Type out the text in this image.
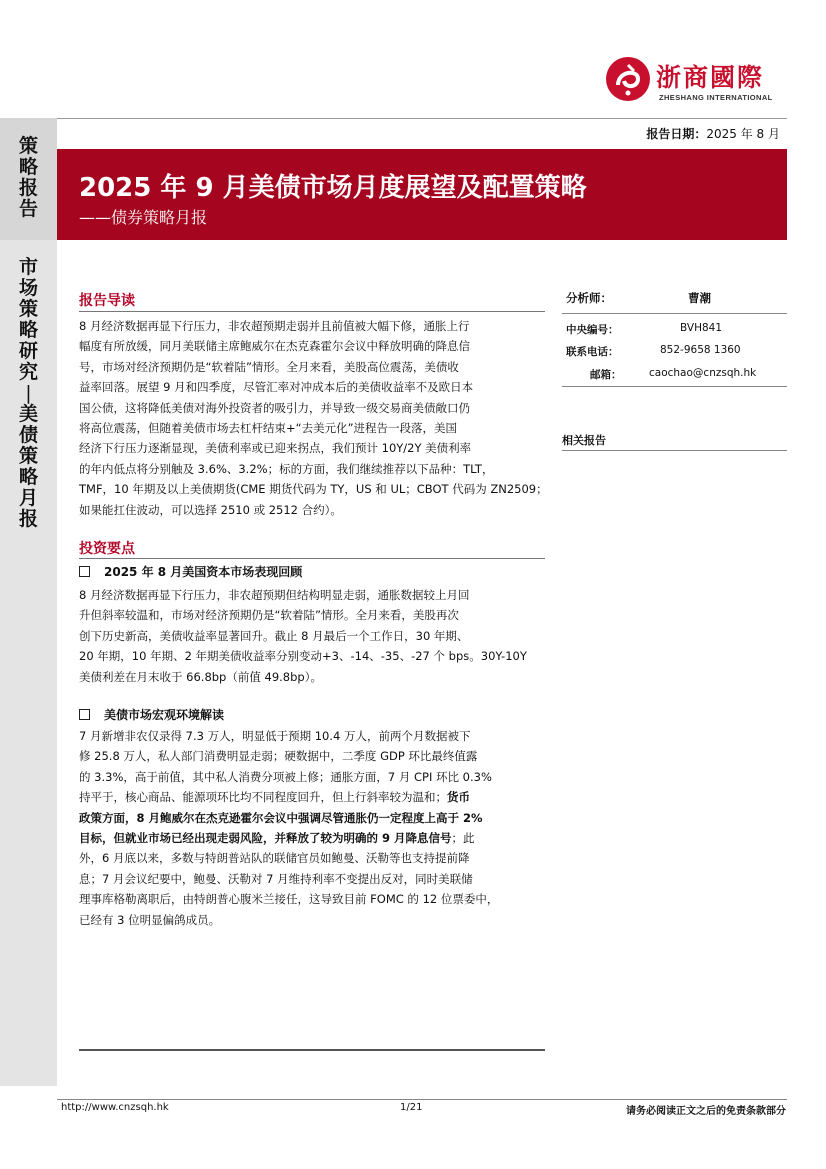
策
略
报
告
市
场
策
略
研
究
|
美
债
策
略
月
报
浙商國際
ZHESHANG INTERNATIONAL
报告日期：2025 年 8 月
2025 年 9 月美债市场月度展望及配置策略
——债券策略月报
报告导读
8 月经济数据再显下行压力，非农超预期走弱并且前值被大幅下修，通胀上行
幅度有所放缓，同月美联储主席鲍威尔在杰克森霍尔会议中释放明确的降息信
号，市场对经济预期仍是“软着陆”情形。全月来看，美股高位震荡，美债收
益率回落。展望 9 月和四季度，尽管汇率对冲成本后的美债收益率不及欧日本
国公债，这将降低美债对海外投资者的吸引力，并导致一级交易商美债敞口仍
将高位震荡，但随着美债市场去杠杆结束+“去美元化”进程告一段落，美国
经济下行压力逐渐显现，美债利率或已迎来拐点，我们预计 10Y/2Y 美债利率
的年内低点将分别触及 3.6%、3.2%；标的方面，我们继续推荐以下品种：TLT，
TMF，10 年期及以上美债期货(CME 期货代码为 TY，US 和 UL；CBOT 代码为 ZN2509；
如果能扛住波动，可以选择 2510 或 2512 合约）。
投资要点
2025 年 8 月美国资本市场表现回顾
8 月经济数据再显下行压力，非农超预期但结构明显走弱，通胀数据较上月回
升但斜率较温和，市场对经济预期仍是“软着陆”情形。全月来看，美股再次
创下历史新高，美债收益率显著回升。截止 8 月最后一个工作日，30 年期、
20 年期，10 年期、2 年期美债收益率分别变动+3、-14、-35、-27 个 bps。30Y-10Y
美债利差在月末收于 66.8bp（前值 49.8bp）。
美债市场宏观环境解读
7 月新增非农仅录得 7.3 万人，明显低于预期 10.4 万人，前两个月数据被下
修 25.8 万人，私人部门消费明显走弱；硬数据中，二季度 GDP 环比最终值露
的 3.3%，高于前值，其中私人消费分项被上修；通胀方面，7 月 CPI 环比 0.3%
持平于，核心商品、能源项环比均不同程度回升，但上行斜率较为温和；货币
政策方面，8 月鲍威尔在杰克逊霍尔会议中强调尽管通胀仍一定程度上高于 2%
目标，但就业市场已经出现走弱风险，并释放了较为明确的 9 月降息信号；此
外，6 月底以来，多数与特朗普站队的联储官员如鲍曼、沃勒等也支持提前降
息；7 月会议纪要中，鲍曼、沃勒对 7 月维持利率不变提出反对，同时美联储
理事库格勒离职后，由特朗普心腹米兰接任，这导致目前 FOMC 的 12 位票委中，
已经有 3 位明显偏鸽成员。
分析师：	曹潮
中央编号：	BVH841
联系电话：	852-9658 1360
邮箱：	caochao@cnzsqh.hk
相关报告
http://www.cnzsqh.hk	1/21	请务必阅读正文之后的免责条款部分
